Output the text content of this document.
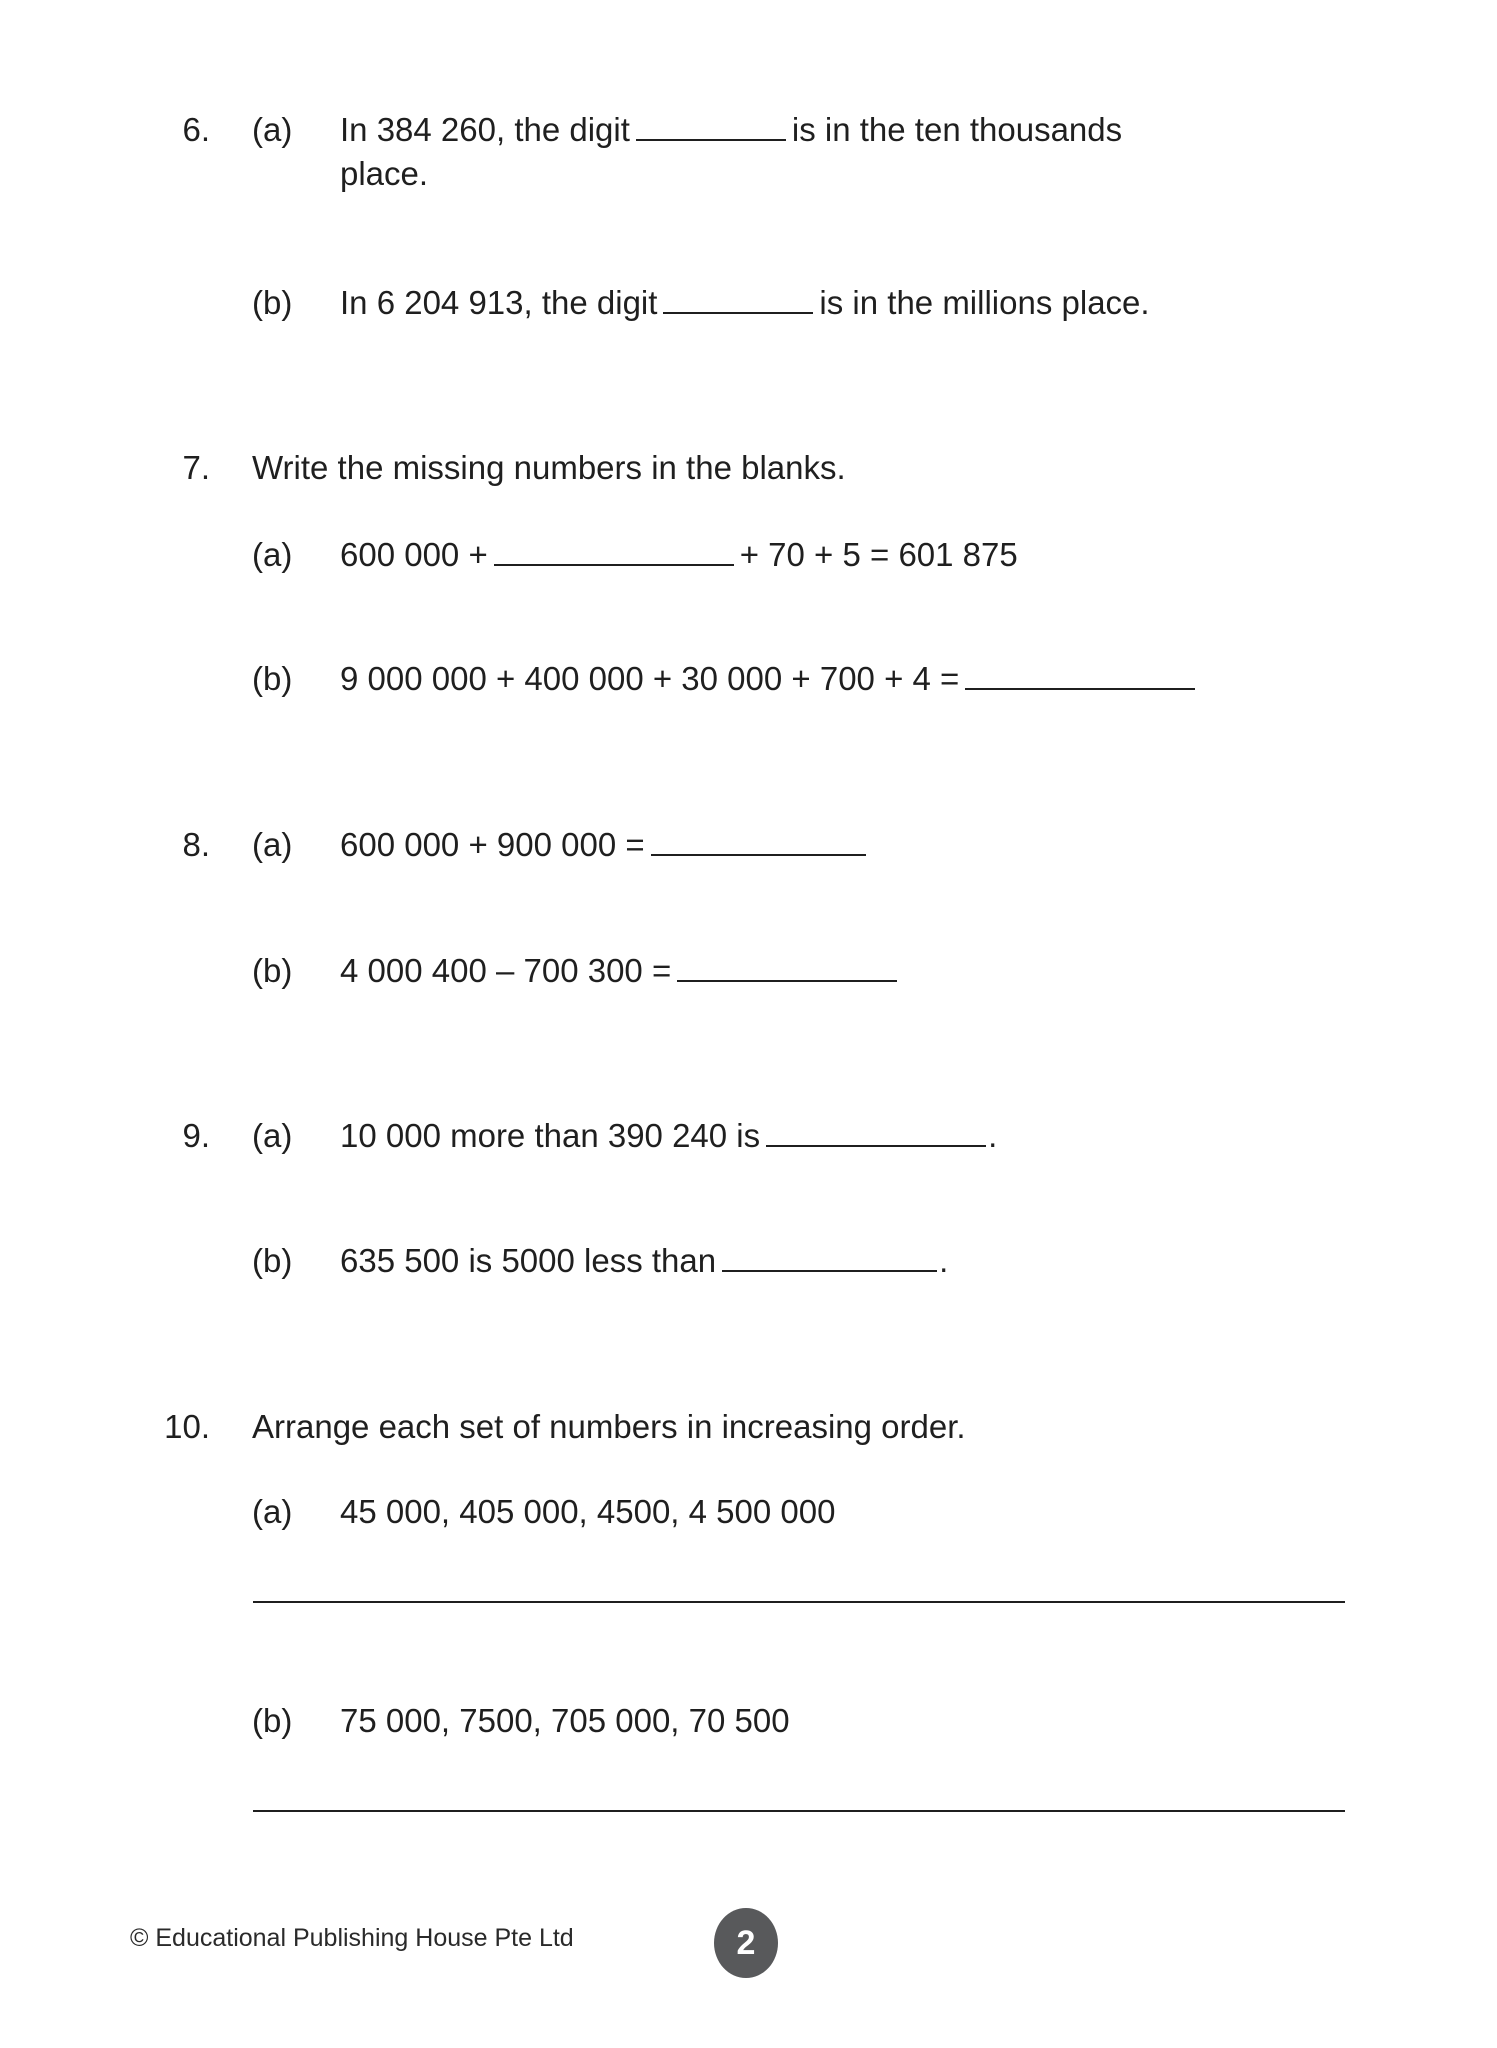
6. (a) In 384 260, the digit	is in the ten thousands
place.
(b) In 6 204 913, the digit	is in the millions place.
7. Write the missing numbers in the blanks.
(a) 600 000 +	+ 70 + 5 = 601 875
(b) 9 000 000 + 400 000 + 30 000 + 700 + 4 =
8. (a) 600 000 + 900 000 =
(b) 4 000 400 – 700 300 =
9. (a) 10 000 more than 390 240 is	.
(b) 635 500 is 5000 less than	.
10. Arrange each set of numbers in increasing order.
(a) 45 000, 405 000, 4500, 4 500 000
(b) 75 000, 7500, 705 000, 70 500
© Educational Publishing House Pte Ltd	2
